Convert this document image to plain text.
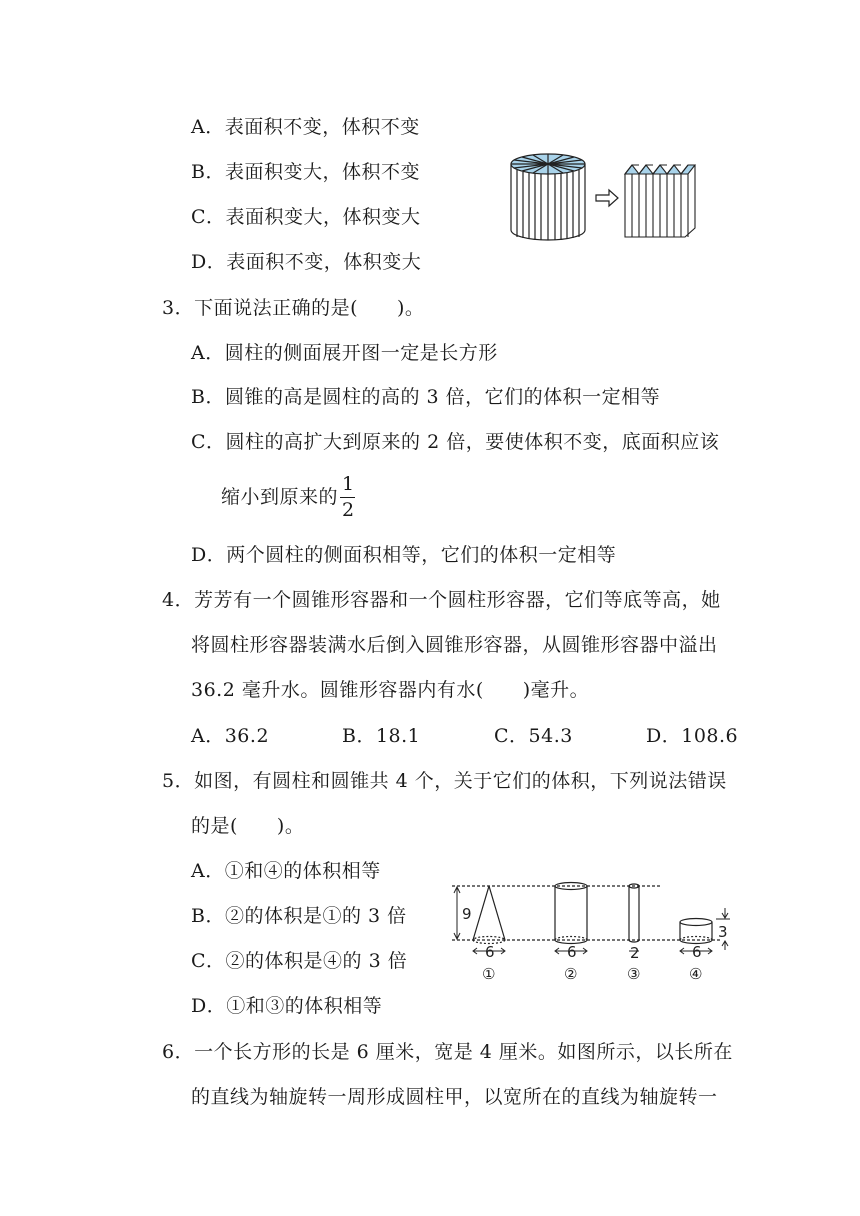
A．表面积不变，体积不变
B．表面积变大，体积不变
C．表面积变大，体积变大
D．表面积不变，体积变大
3．下面说法正确的是(　　)。
A．圆柱的侧面展开图一定是长方形
B．圆锥的高是圆柱的高的 3 倍，它们的体积一定相等
C．圆柱的高扩大到原来的 2 倍，要使体积不变，底面积应该
缩小到原来的
1
2
D．两个圆柱的侧面积相等，它们的体积一定相等
4．芳芳有一个圆锥形容器和一个圆柱形容器，它们等底等高，她
将圆柱形容器装满水后倒入圆锥形容器，从圆锥形容器中溢出
36.2 毫升水。圆锥形容器内有水(　　)毫升。
A．36.2	B．18.1	C．54.3	D．108.6
5．如图，有圆柱和圆锥共 4 个，关于它们的体积，下列说法错误
的是(　　)。
A．①和④的体积相等
B．②的体积是①的 3 倍
C．②的体积是④的 3 倍
D．①和③的体积相等
9
6
①
6
②
2
③
6
④
3
6．一个长方形的长是 6 厘米，宽是 4 厘米。如图所示，以长所在
的直线为轴旋转一周形成圆柱甲，以宽所在的直线为轴旋转一
